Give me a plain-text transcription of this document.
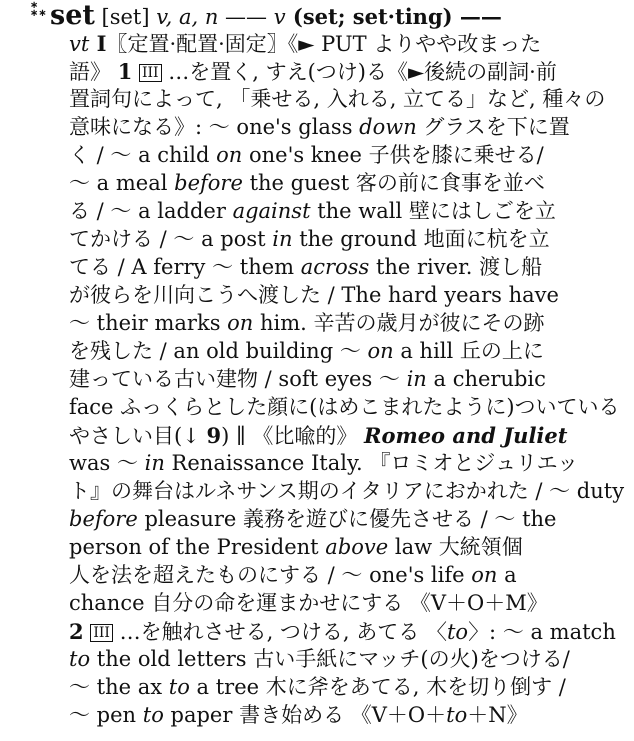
∗
∗∗ set [set] v, a, n —— v (set; set·ting) ——
vt I〖定置·配置·固定〗《► PUT よりやや改まった
語》 1 III …を置く, すえ(つけ)る《►後続の副詞·前
置詞句によって, 「乗せる, 入れる, 立てる」など, 種々の
意味になる》: ～ one's glass down グラスを下に置
く / ～ a child on one's knee 子供を膝に乗せる/
～ a meal before the guest 客の前に食事を並べ
る / ～ a ladder against the wall 壁にはしごを立
てかける / ～ a post in the ground 地面に杭を立
てる / A ferry ～ them across the river. 渡し船
が彼らを川向こうへ渡した / The hard years have
～ their marks on him. 辛苦の歳月が彼にその跡
を残した / an old building ～ on a hill 丘の上に
建っている古い建物 / soft eyes ～ in a cherubic
face ふっくらとした顔に(はめこまれたように)ついている
やさしい目(↓ 9) ∥ 《比喩的》 Romeo and Juliet
was ～ in Renaissance Italy. 『ロミオとジュリエッ
ト』の舞台はルネサンス期のイタリアにおかれた / ～ duty
before pleasure 義務を遊びに優先させる / ～ the
person of the President above law 大統領個
人を法を超えたものにする / ～ one's life on a
chance 自分の命を運まかせにする 《V＋O＋M》
2 III …を触れさせる, つける, あてる 〈to〉: ～ a match
to the old letters 古い手紙にマッチ(の火)をつける/
～ the ax to a tree 木に斧をあてる, 木を切り倒す /
～ pen to paper 書き始める 《V＋O＋to＋N》
